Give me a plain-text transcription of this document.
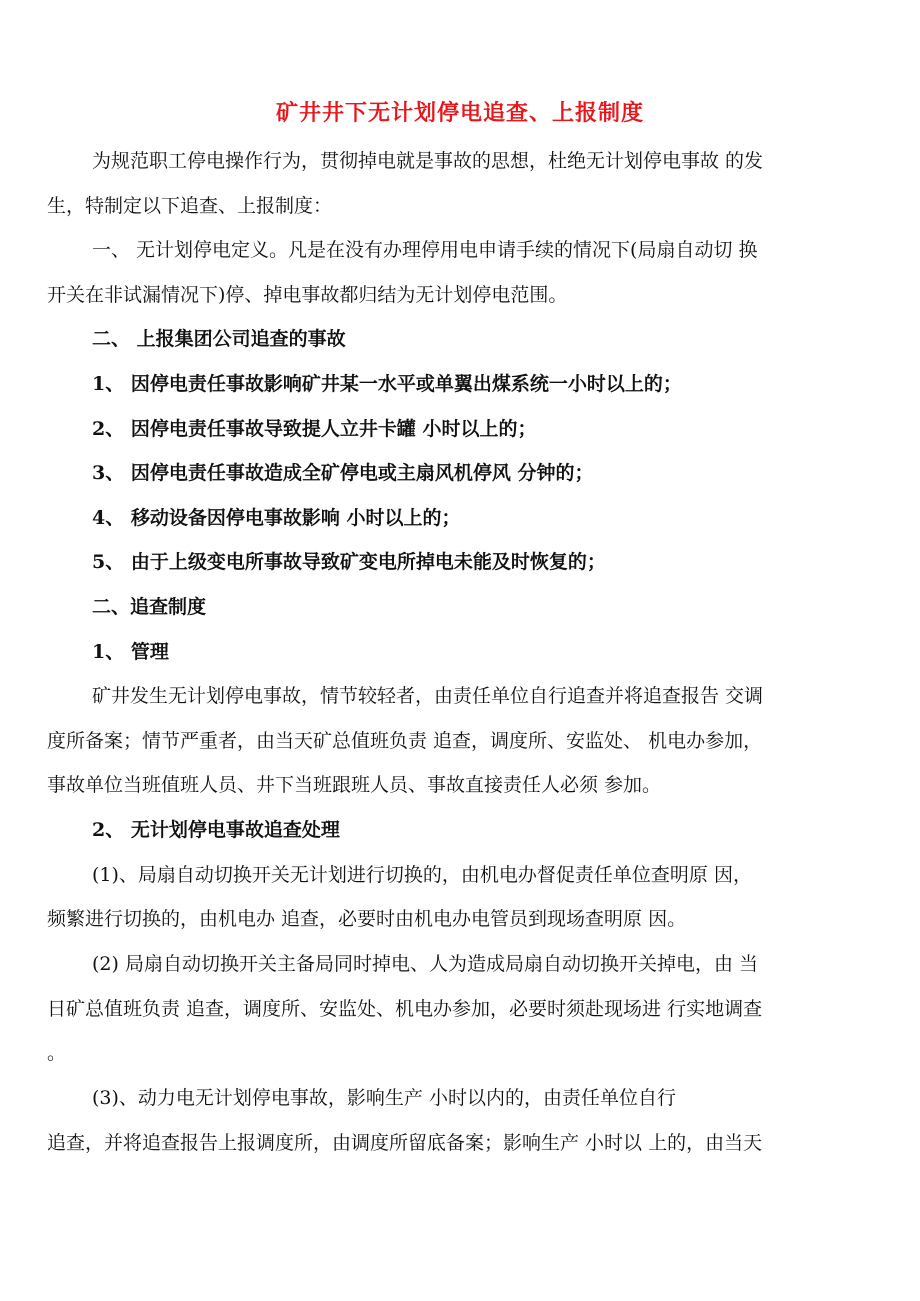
矿井井下无计划停电追查、上报制度
为规范职工停电操作行为，贯彻掉电就是事故的思想，杜绝无计划停电事故 的发
生，特制定以下追查、上报制度：
一、 无计划停电定义。凡是在没有办理停用电申请手续的情况下(局扇自动切 换
开关在非试漏情况下)停、掉电事故都归结为无计划停电范围。
二、 上报集团公司追查的事故
1、 因停电责任事故影响矿井某一水平或单翼出煤系统一小时以上的；
2、 因停电责任事故导致提人立井卡罐 小时以上的；
3、 因停电责任事故造成全矿停电或主扇风机停风 分钟的；
4、 移动设备因停电事故影响 小时以上的；
5、 由于上级变电所事故导致矿变电所掉电未能及时恢复的；
二、追查制度
1、 管理
矿井发生无计划停电事故，情节较轻者，由责任单位自行追查并将追查报告 交调
度所备案；情节严重者，由当天矿总值班负责 追查，调度所、安监处、 机电办参加，
事故单位当班值班人员、井下当班跟班人员、事故直接责任人必须 参加。
2、 无计划停电事故追查处理
(1)、局扇自动切换开关无计划进行切换的，由机电办督促责任单位查明原 因，
频繁进行切换的，由机电办 追查，必要时由机电办电管员到现场查明原 因。
(2) 局扇自动切换开关主备局同时掉电、人为造成局扇自动切换开关掉电，由 当
日矿总值班负责 追查，调度所、安监处、机电办参加，必要时须赴现场进 行实地调查
。
(3)、动力电无计划停电事故，影响生产 小时以内的，由责任单位自行
追查，并将追查报告上报调度所，由调度所留底备案；影响生产 小时以 上的，由当天
